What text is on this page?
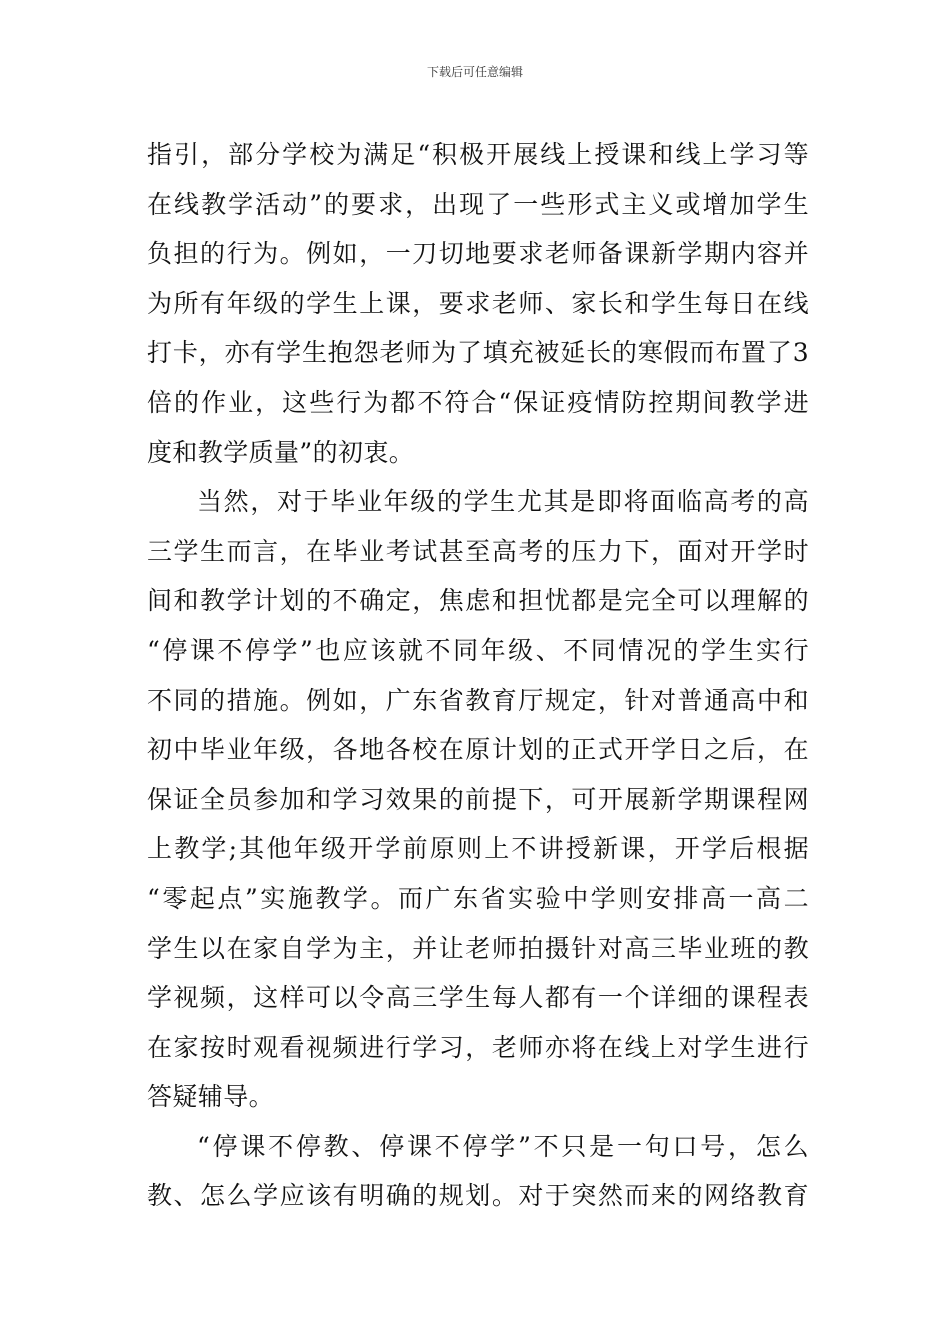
下载后可任意编辑
指引，部分学校为满足“积极开展线上授课和线上学习等
在线教学活动”的要求，出现了一些形式主义或增加学生
负担的行为。例如，一刀切地要求老师备课新学期内容并
为所有年级的学生上课，要求老师、家长和学生每日在线
打卡，亦有学生抱怨老师为了填充被延长的寒假而布置了3
倍的作业，这些行为都不符合“保证疫情防控期间教学进
度和教学质量”的初衷。
当然，对于毕业年级的学生尤其是即将面临高考的高
三学生而言，在毕业考试甚至高考的压力下，面对开学时
间和教学计划的不确定，焦虑和担忧都是完全可以理解的
“停课不停学”也应该就不同年级、不同情况的学生实行
不同的措施。例如，广东省教育厅规定，针对普通高中和
初中毕业年级，各地各校在原计划的正式开学日之后，在
保证全员参加和学习效果的前提下，可开展新学期课程网
上教学;其他年级开学前原则上不讲授新课，开学后根据
“零起点”实施教学。而广东省实验中学则安排高一高二
学生以在家自学为主，并让老师拍摄针对高三毕业班的教
学视频，这样可以令高三学生每人都有一个详细的课程表
在家按时观看视频进行学习，老师亦将在线上对学生进行
答疑辅导。
“停课不停教、停课不停学”不只是一句口号，怎么
教、怎么学应该有明确的规划。对于突然而来的网络教育
